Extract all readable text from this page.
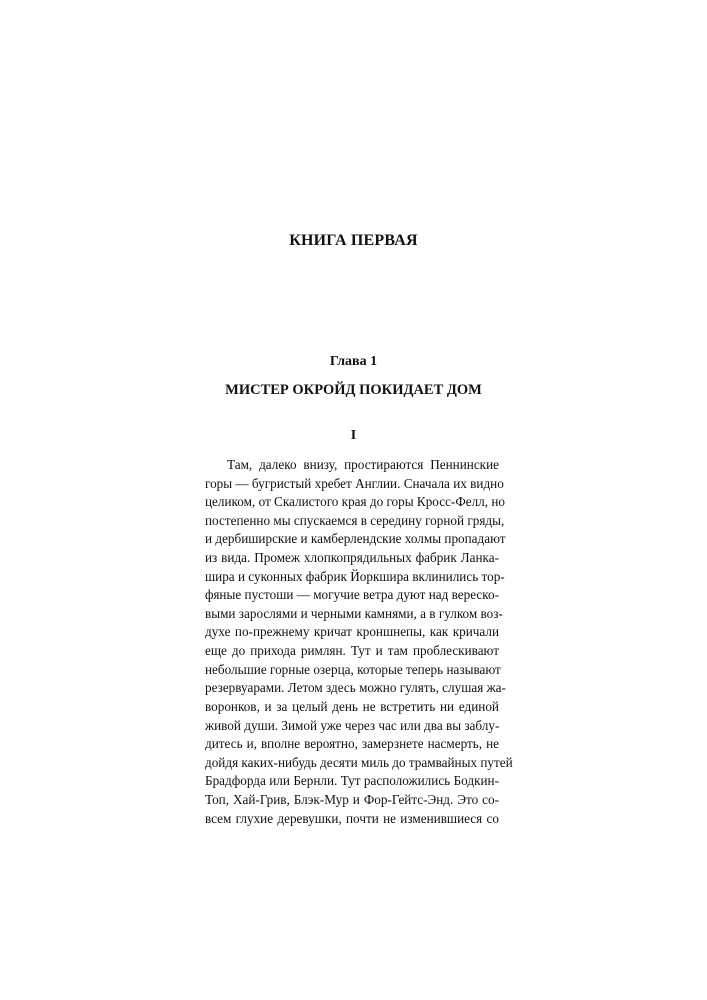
КНИГА ПЕРВАЯ
Глава 1
МИСТЕР ОКРОЙД ПОКИДАЕТ ДОМ
I
Там, далеко внизу, простираются Пеннинские
горы — бугристый хребет Англии. Сначала их видно
целиком, от Скалистого края до горы Кросс-Фелл, но
постепенно мы спускаемся в середину горной гряды,
и дербиширские и камберлендские холмы пропадают
из вида. Промеж хлопкопрядильных фабрик Ланка-
шира и суконных фабрик Йоркшира вклинились тор-
фяные пустоши — могучие ветра дуют над вереско-
выми зарослями и черными камнями, а в гулком воз-
духе по-прежнему кричат кроншнепы, как кричали
еще до прихода римлян. Тут и там проблескивают
небольшие горные озерца, которые теперь называют
резервуарами. Летом здесь можно гулять, слушая жа-
воронков, и за целый день не встретить ни единой
живой души. Зимой уже через час или два вы заблу-
дитесь и, вполне вероятно, замерзнете насмерть, не
дойдя каких-нибудь десяти миль до трамвайных путей
Брадфорда или Бернли. Тут расположились Бодкин-
Топ, Хай-Грив, Блэк-Мур и Фор-Гейтс-Энд. Это со-
всем глухие деревушки, почти не изменившиеся со
